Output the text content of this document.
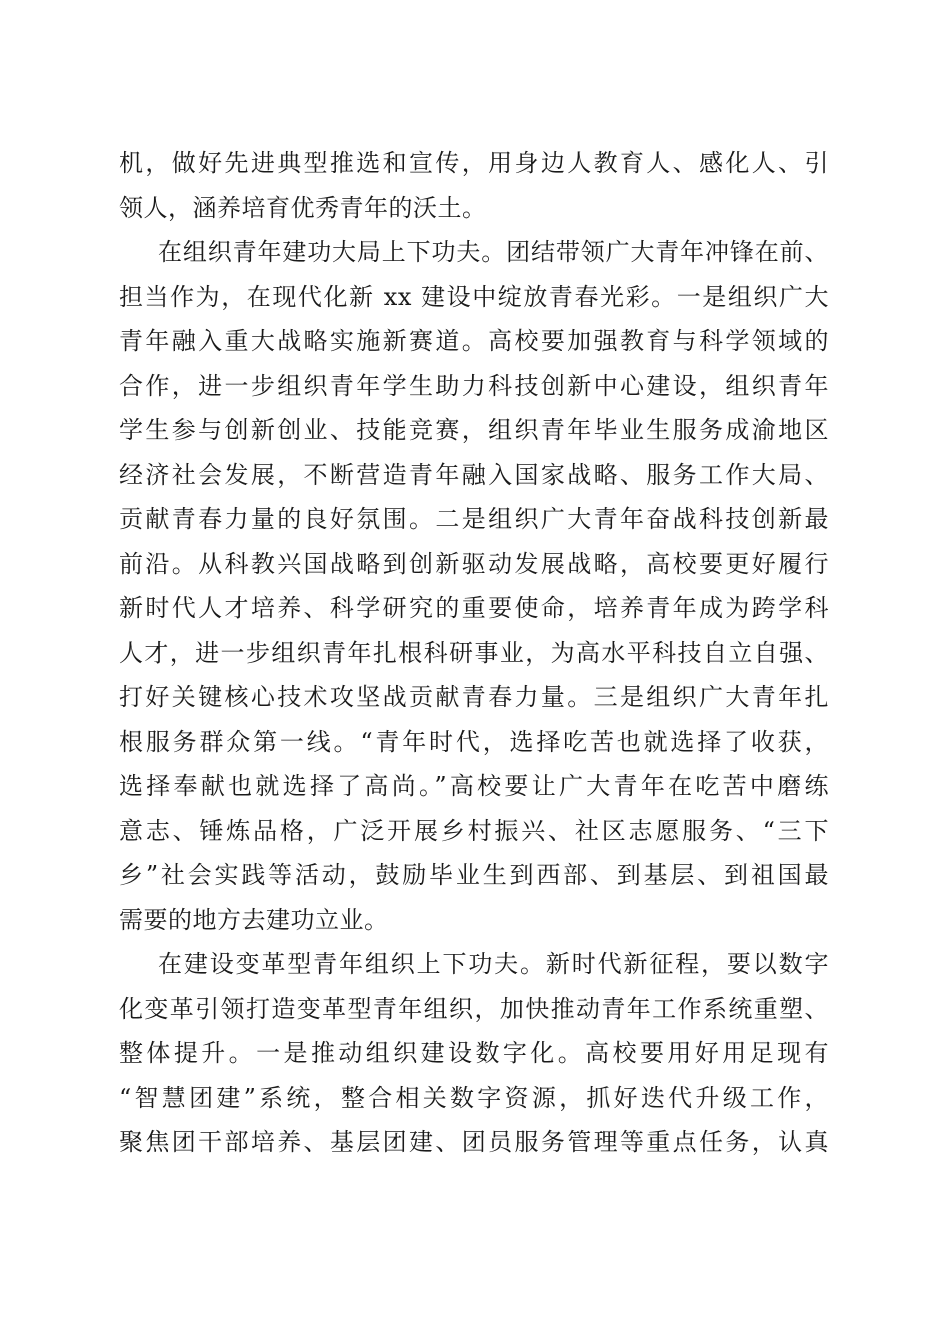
机，做好先进典型推选和宣传，用身边人教育人、感化人、引
领人，涵养培育优秀青年的沃土。
在组织青年建功大局上下功夫。团结带领广大青年冲锋在前、
担当作为，在现代化新 xx 建设中绽放青春光彩。一是组织广大
青年融入重大战略实施新赛道。高校要加强教育与科学领域的
合作，进一步组织青年学生助力科技创新中心建设，组织青年
学生参与创新创业、技能竞赛，组织青年毕业生服务成渝地区
经济社会发展，不断营造青年融入国家战略、服务工作大局、
贡献青春力量的良好氛围。二是组织广大青年奋战科技创新最
前沿。从科教兴国战略到创新驱动发展战略，高校要更好履行
新时代人才培养、科学研究的重要使命，培养青年成为跨学科
人才，进一步组织青年扎根科研事业，为高水平科技自立自强、
打好关键核心技术攻坚战贡献青春力量。三是组织广大青年扎
根服务群众第一线。“青年时代，选择吃苦也就选择了收获，
选择奉献也就选择了高尚。”高校要让广大青年在吃苦中磨练
意志、锤炼品格，广泛开展乡村振兴、社区志愿服务、“三下
乡”社会实践等活动，鼓励毕业生到西部、到基层、到祖国最
需要的地方去建功立业。
在建设变革型青年组织上下功夫。新时代新征程，要以数字
化变革引领打造变革型青年组织，加快推动青年工作系统重塑、
整体提升。一是推动组织建设数字化。高校要用好用足现有
“智慧团建”系统，整合相关数字资源，抓好迭代升级工作，
聚焦团干部培养、基层团建、团员服务管理等重点任务，认真
